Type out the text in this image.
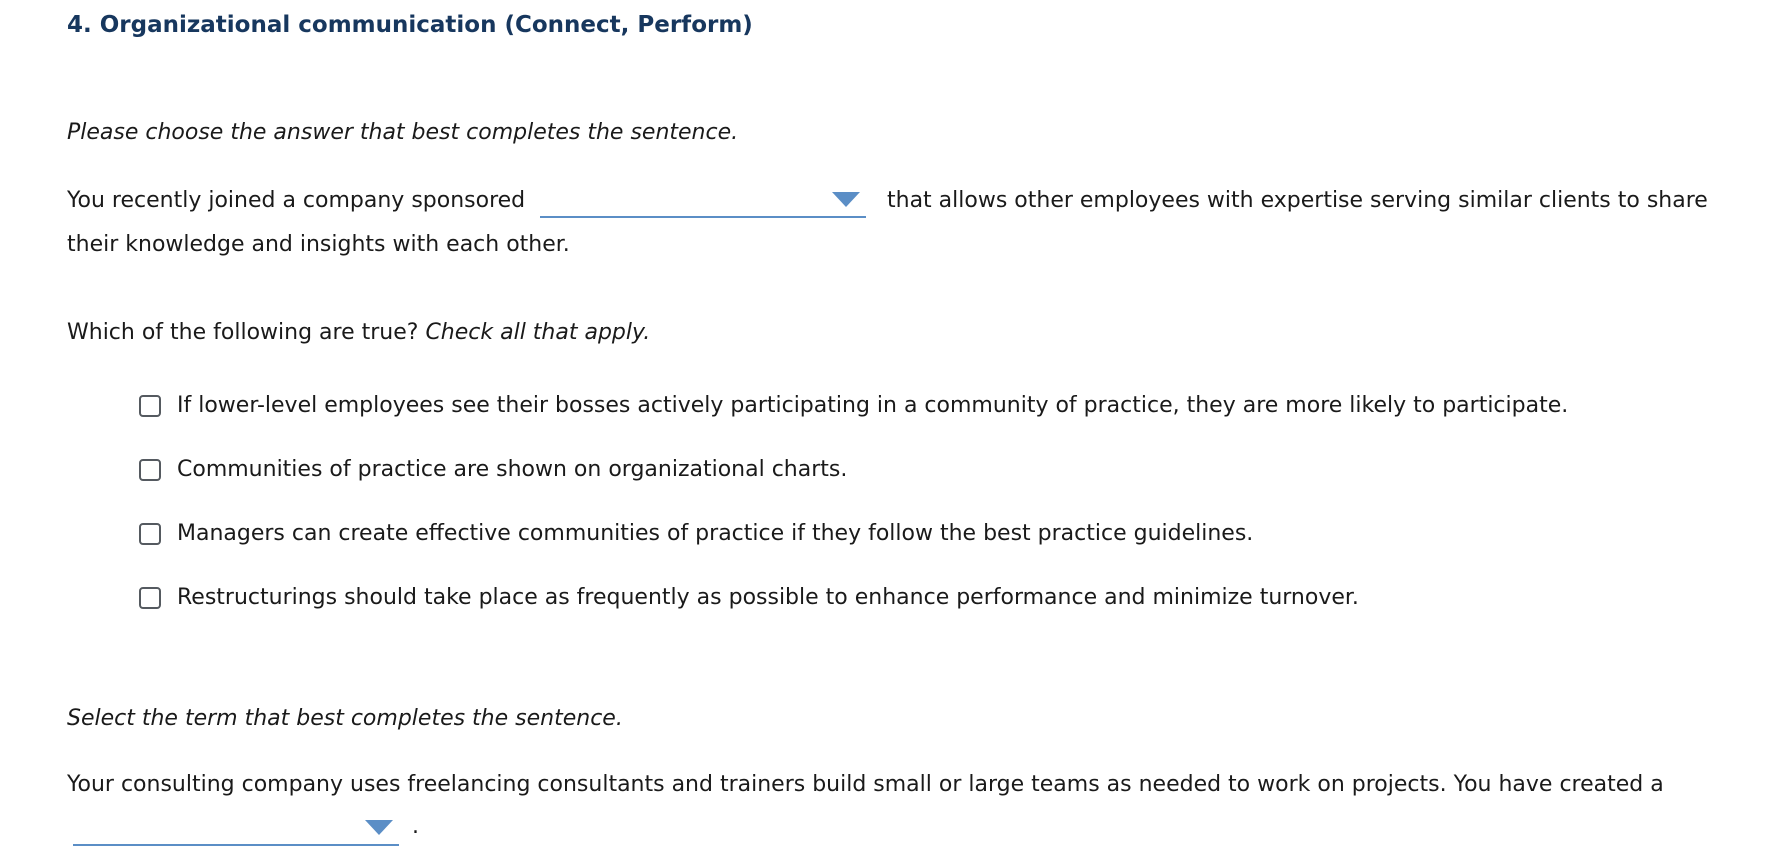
4. Organizational communication (Connect, Perform)
Please choose the answer that best completes the sentence.
You recently joined a company sponsored	that allows other employees with expertise serving similar clients to share
their knowledge and insights with each other.
Which of the following are true? Check all that apply.
If lower-level employees see their bosses actively participating in a community of practice, they are more likely to participate.
Communities of practice are shown on organizational charts.
Managers can create effective communities of practice if they follow the best practice guidelines.
Restructurings should take place as frequently as possible to enhance performance and minimize turnover.
Select the term that best completes the sentence.
Your consulting company uses freelancing consultants and trainers build small or large teams as needed to work on projects. You have created a
.
